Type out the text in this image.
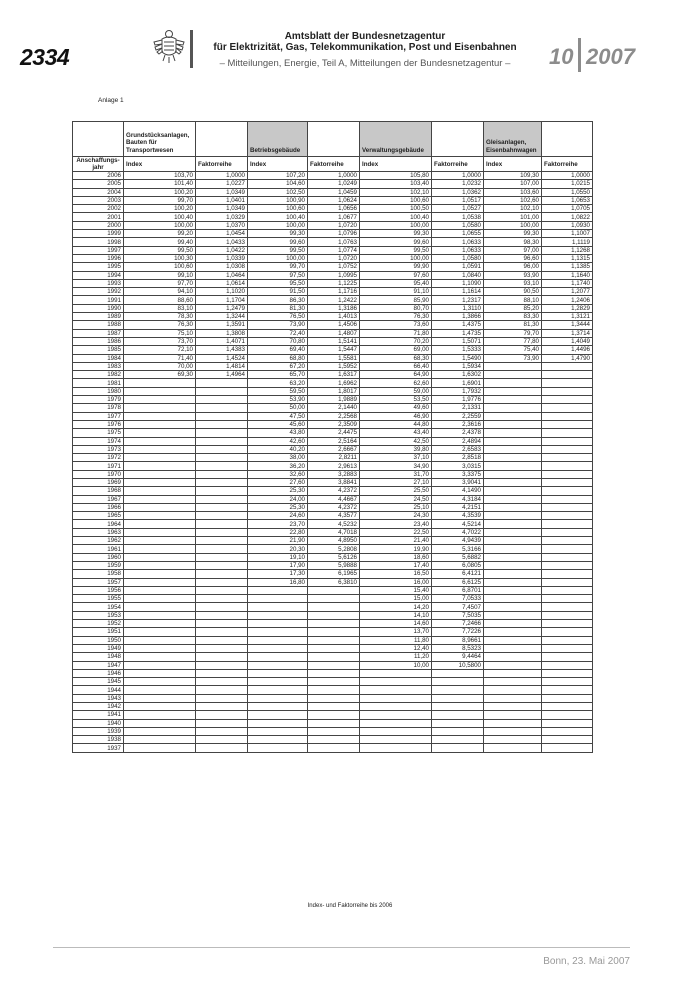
2334
Amtsblatt der Bundesnetzagentur
für Elektrizität, Gas, Telekommunikation, Post und Eisenbahnen
– Mitteilungen, Energie, Teil A, Mitteilungen der Bundesnetzagentur –	10 2007
Anlage 1
	Grundstücksanlagen, Bauten für Transportwesen		Betriebsgebäude		Verwaltungsgebäude		Gleisanlagen, Eisenbahnwagen	
Anschaffungs-jahr	Index	Faktorreihe	Index	Faktorreihe	Index	Faktorreihe	Index	Faktorreihe
2006	103,70	1,0000	107,20	1,0000	105,80	1,0000	109,30	1,0000
2005	101,40	1,0227	104,60	1,0249	103,40	1,0232	107,00	1,0215
2004	100,20	1,0349	102,50	1,0459	102,10	1,0362	103,60	1,0550
2003	99,70	1,0401	100,90	1,0624	100,60	1,0517	102,60	1,0653
2002	100,20	1,0349	100,60	1,0656	100,50	1,0527	102,10	1,0705
2001	100,40	1,0329	100,40	1,0677	100,40	1,0538	101,00	1,0822
2000	100,00	1,0370	100,00	1,0720	100,00	1,0580	100,00	1,0930
1999	99,20	1,0454	99,30	1,0796	99,30	1,0655	99,30	1,1007
1998	99,40	1,0433	99,60	1,0763	99,60	1,0633	98,30	1,1119
1997	99,50	1,0422	99,50	1,0774	99,50	1,0633	97,00	1,1268
1996	100,30	1,0339	100,00	1,0720	100,00	1,0580	96,60	1,1315
1995	100,60	1,0308	99,70	1,0752	99,90	1,0591	96,00	1,1385
1994	99,10	1,0464	97,50	1,0995	97,60	1,0840	93,90	1,1640
1993	97,70	1,0614	95,50	1,1225	95,40	1,1090	93,10	1,1740
1992	94,10	1,1020	91,50	1,1716	91,10	1,1614	90,50	1,2077
1991	88,60	1,1704	86,30	1,2422	85,90	1,2317	88,10	1,2406
1990	83,10	1,2479	81,30	1,3186	80,70	1,3110	85,20	1,2829
1989	78,30	1,3244	76,50	1,4013	76,30	1,3866	83,30	1,3121
1988	76,30	1,3591	73,90	1,4506	73,60	1,4375	81,30	1,3444
1987	75,10	1,3808	72,40	1,4807	71,80	1,4735	79,70	1,3714
1986	73,70	1,4071	70,80	1,5141	70,20	1,5071	77,80	1,4049
1985	72,10	1,4383	69,40	1,5447	69,00	1,5333	75,40	1,4496
1984	71,40	1,4524	68,80	1,5581	68,30	1,5490	73,90	1,4790
1983	70,00	1,4814	67,20	1,5952	66,40	1,5934		
1982	69,30	1,4964	65,70	1,6317	64,90	1,6302		
1981			63,20	1,6962	62,60	1,6901		
1980			59,50	1,8017	59,00	1,7932		
1979			53,90	1,9889	53,50	1,9776		
1978			50,00	2,1440	49,60	2,1331		
1977			47,50	2,2568	46,90	2,2559		
1976			45,60	2,3509	44,80	2,3616		
1975			43,80	2,4475	43,40	2,4378		
1974			42,60	2,5164	42,50	2,4894		
1973			40,20	2,6667	39,80	2,6583		
1972			38,00	2,8211	37,10	2,8518		
1971			36,20	2,9613	34,90	3,0315		
1970			32,60	3,2883	31,70	3,3375		
1969			27,60	3,8841	27,10	3,9041		
1968			25,30	4,2372	25,50	4,1490		
1967			24,00	4,4667	24,50	4,3184		
1966			25,30	4,2372	25,10	4,2151		
1965			24,60	4,3577	24,30	4,3539		
1964			23,70	4,5232	23,40	4,5214		
1963			22,80	4,7018	22,50	4,7022		
1962			21,90	4,8950	21,40	4,9439		
1961			20,30	5,2808	19,90	5,3166		
1960			19,10	5,6126	18,60	5,6882		
1959			17,90	5,9888	17,40	6,0805		
1958			17,30	6,1965	16,50	6,4121		
1957			16,80	6,3810	16,00	6,6125		
1956					15,40	6,8701		
1955					15,00	7,0533		
1954					14,20	7,4507		
1953					14,10	7,5035		
1952					14,60	7,2466		
1951					13,70	7,7226		
1950					11,80	8,9661		
1949					12,40	8,5323		
1948					11,20	9,4464		
1947					10,00	10,5800		
1946								
1945								
1944								
1943								
1942								
1941								
1940								
1939								
1938								
1937								
Index- und Faktorreihe bis 2006
Bonn, 23. Mai 2007
